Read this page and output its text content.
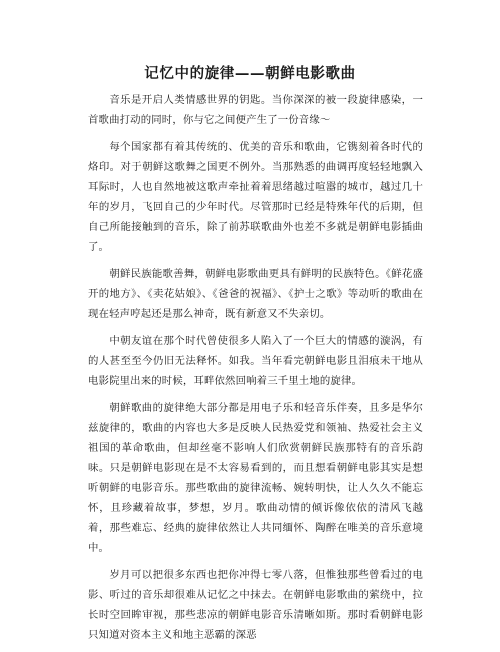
记忆中的旋律——朝鲜电影歌曲

音乐是开启人类情感世界的钥匙。当你深深的被一段旋律感染，一首歌曲打动的同时，你与它之间便产生了一份音缘～

每个国家都有着其传统的、优美的音乐和歌曲，它镌刻着各时代的烙印。对于朝鲜这歌舞之国更不例外。当那熟悉的曲调再度轻轻地飘入耳际时，人也自然地被这歌声牵扯着着思绪越过喧嚣的城市，越过几十年的岁月，飞回自己的少年时代。尽管那时已经是特殊年代的后期，但自己所能接触到的音乐，除了前苏联歌曲外也差不多就是朝鲜电影插曲了。

朝鲜民族能歌善舞，朝鲜电影歌曲更具有鲜明的民族特色。《鲜花盛开的地方》、《卖花姑娘》、《爸爸的祝福》、《护士之歌》等动听的歌曲在现在轻声哼起还是那么神奇，既有新意又不失亲切。

中朝友谊在那个时代曾使很多人陷入了一个巨大的情感的漩涡，有的人甚至至今仍旧无法释怀。如我。当年看完朝鲜电影且泪痕未干地从电影院里出来的时候，耳畔依然回响着三千里土地的旋律。

朝鲜歌曲的旋律绝大部分都是用电子乐和轻音乐伴奏，且多是华尔兹旋律的，歌曲的内容也大多是反映人民热爱党和领袖、热爱社会主义祖国的革命歌曲，但却丝毫不影响人们欣赏朝鲜民族那特有的音乐韵味。只是朝鲜电影现在是不太容易看到的，而且想看朝鲜电影其实是想听朝鲜的电影音乐。那些歌曲的旋律流畅、婉转明快，让人久久不能忘怀，且珍藏着故事，梦想，岁月。歌曲动情的倾诉像依依的清风飞越着，那些难忘、经典的旋律依然让人共同缅怀、陶醉在唯美的音乐意境中。

岁月可以把很多东西也把你冲得七零八落，但惟独那些曾看过的电影、听过的音乐却很难从记忆之中抹去。在朝鲜电影歌曲的萦绕中，拉长时空回眸审视，那些悲凉的朝鲜电影音乐清晰如斯。那时看朝鲜电影只知道对资本主义和地主恶霸的深恶
